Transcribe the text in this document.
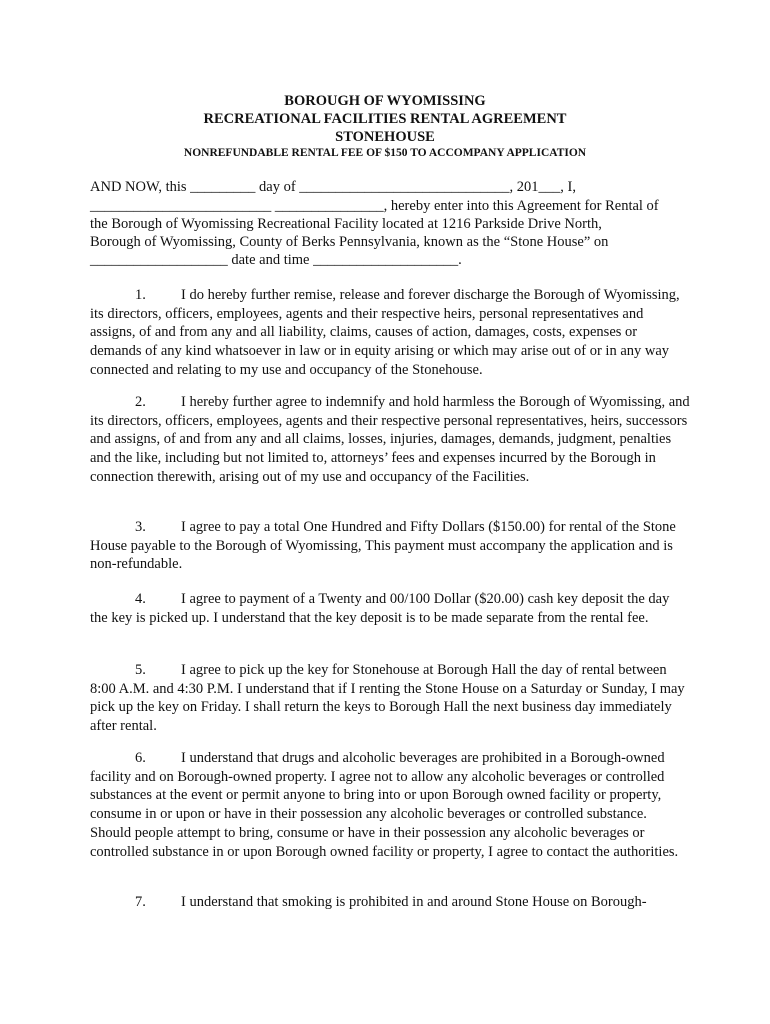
BOROUGH OF WYOMISSING
RECREATIONAL FACILITIES RENTAL AGREEMENT
STONEHOUSE
NONREFUNDABLE RENTAL FEE OF $150 TO ACCOMPANY APPLICATION
AND NOW, this _________ day of _____________________________, 201___, I,
_________________________ _______________, hereby enter into this Agreement for Rental of
the Borough of Wyomissing Recreational Facility located at 1216 Parkside Drive North,
Borough of Wyomissing, County of Berks Pennsylvania, known as the “Stone House” on
___________________ date and time ____________________.
1. I do hereby further remise, release and forever discharge the Borough of Wyomissing, its directors, officers, employees, agents and their respective heirs, personal representatives and assigns, of and from any and all liability, claims, causes of action, damages, costs, expenses or demands of any kind whatsoever in law or in equity arising or which may arise out of or in any way connected and relating to my use and occupancy of the Stonehouse.
2. I hereby further agree to indemnify and hold harmless the Borough of Wyomissing, and its directors, officers, employees, agents and their respective personal representatives, heirs, successors and assigns, of and from any and all claims, losses, injuries, damages, demands, judgment, penalties and the like, including but not limited to, attorneys’ fees and expenses incurred by the Borough in connection therewith, arising out of my use and occupancy of the Facilities.
3. I agree to pay a total One Hundred and Fifty Dollars ($150.00) for rental of the Stone House payable to the Borough of Wyomissing, This payment must accompany the application and is non-refundable.
4. I agree to payment of a Twenty and 00/100 Dollar ($20.00) cash key deposit the day the key is picked up. I understand that the key deposit is to be made separate from the rental fee.
5. I agree to pick up the key for Stonehouse at Borough Hall the day of rental between 8:00 A.M. and 4:30 P.M. I understand that if I renting the Stone House on a Saturday or Sunday, I may pick up the key on Friday. I shall return the keys to Borough Hall the next business day immediately after rental.
6. I understand that drugs and alcoholic beverages are prohibited in a Borough-owned facility and on Borough-owned property. I agree not to allow any alcoholic beverages or controlled substances at the event or permit anyone to bring into or upon Borough owned facility or property, consume in or upon or have in their possession any alcoholic beverages or controlled substance. Should people attempt to bring, consume or have in their possession any alcoholic beverages or controlled substance in or upon Borough owned facility or property, I agree to contact the authorities.
7. I understand that smoking is prohibited in and around Stone House on Borough-
